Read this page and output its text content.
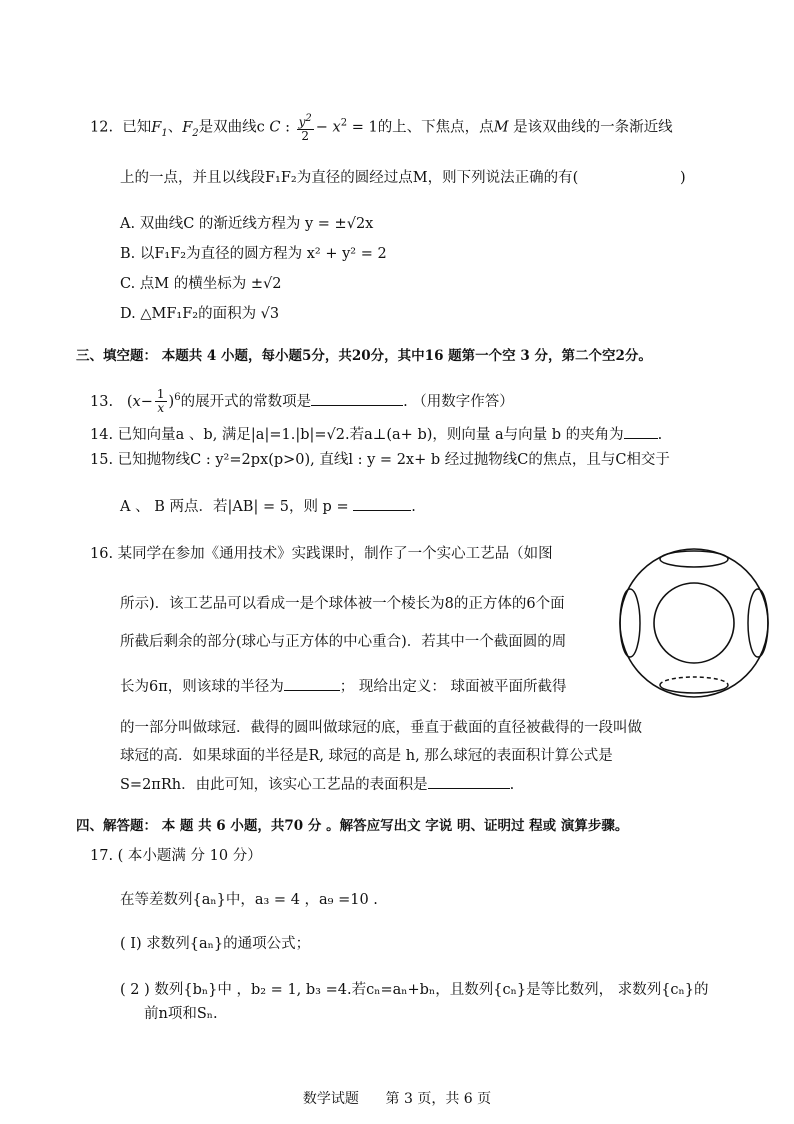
12. 已知$F_1$、$F_2$是双曲线c C : $\frac{y^2}{2} - x^2 = 1$的上、下焦点，点M 是该双曲线的一条渐近线
上的一点，并且以线段F₁F₂为直径的圆经过点M，则下列说法正确的有(	)
A. 双曲线C 的渐近线方程为 y = ±√2x
B. 以F₁F₂为直径的圆方程为 x² + y² = 2
C. 点M 的横坐标为 ±√2
D. △MF₁F₂的面积为 √3
三、填空题： 本题共 4 小题，每小题5分，共20分，其中16 题第一个空 3 分，第二个空2分。
13.   $(x- \frac{1}{x} )^6$的展开式的常数项是	. （用数字作答）
14. 已知向量a 、b, 满足|a|=1.|b|=√2.若a⊥(a+ b)，则向量 a与向量 b 的夹角为 .
15. 已知抛物线C : y²=2px(p>0), 直线l : y = 2x+ b 经过抛物线C的焦点，且与C相交于
A 、 B 两点．若|AB| = 5，则 p =	.
16. 某同学在参加《通用技术》实践课时，制作了一个实心工艺品（如图
所示)．该工艺品可以看成一是个球体被一个棱长为8的正方体的6个面
所截后剩余的部分(球心与正方体的中心重合)．若其中一个截面圆的周
长为6π，则该球的半径为	； 现给出定义： 球面被平面所截得
的一部分叫做球冠．截得的圆叫做球冠的底，垂直于截面的直径被截得的一段叫做
球冠的高．如果球面的半径是R, 球冠的高是 h, 那么球冠的表面积计算公式是
S=2πRh．由此可知，该实心工艺品的表面积是	.
四、解答题： 本 题 共 6 小题，共70 分 。解答应写出文 字说 明、证明过 程或 演算步骤。
17. ( 本小题满 分 10 分）
在等差数列{aₙ}中，a₃ = 4 ，a₉ =10 .
( I) 求数列{aₙ}的通项公式；
( 2 ) 数列{bₙ}中 ，b₂ = 1, b₃ =4.若cₙ=aₙ+bₙ，且数列{cₙ}是等比数列， 求数列{cₙ}的
前n项和Sₙ.
数学试题 第 3 页，共 6 页
